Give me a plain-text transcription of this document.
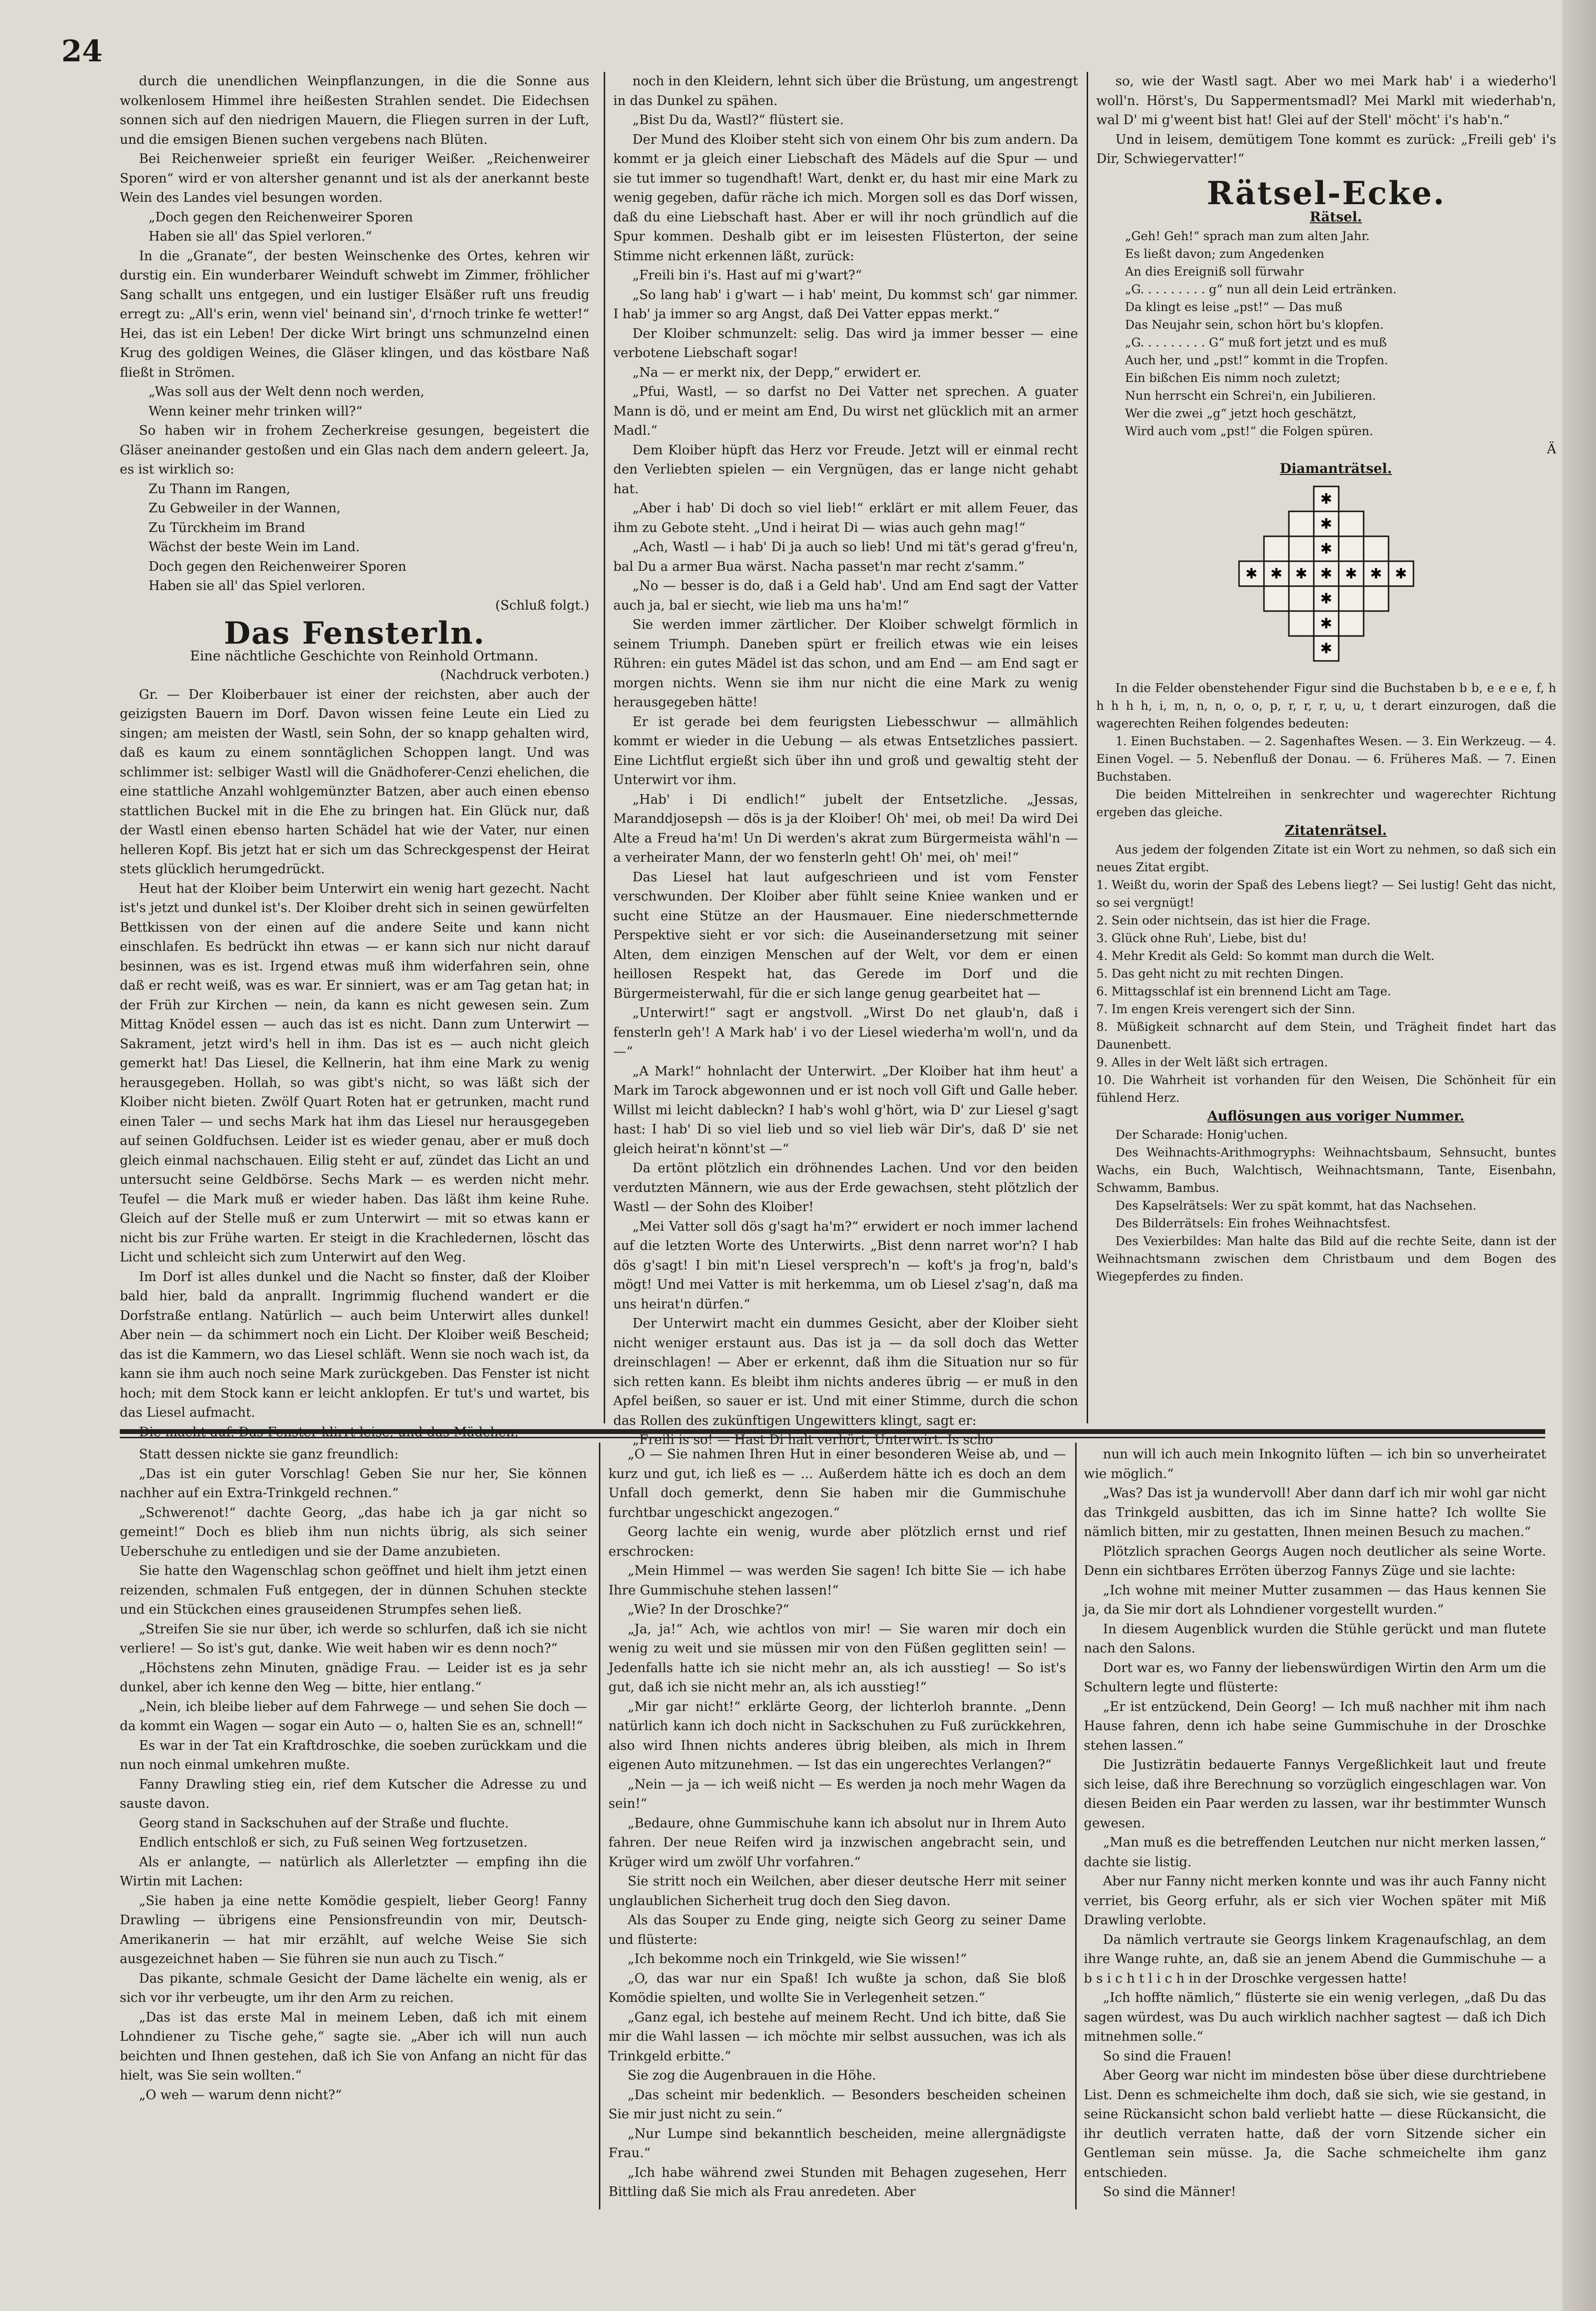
24

durch die unendlichen Weinpflanzungen, in die die Sonne aus wolkenlosem Himmel ihre heißesten Strahlen sendet. Die Eidechsen sonnen sich auf den niedrigen Mauern, die Fliegen surren in der Luft, und die emsigen Bienen suchen vergebens nach Blüten.

Bei Reichenweier sprießt ein feuriger Weißer. „Reichenweirer Sporen“ wird er von altersher genannt und ist als der anerkannt beste Wein des Landes viel besungen worden.

„Doch gegen den Reichenweirer Sporen

Haben sie all' das Spiel verloren.“

In die „Granate“, der besten Weinschenke des Ortes, kehren wir durstig ein. Ein wunderbarer Weinduft schwebt im Zimmer, fröhlicher Sang schallt uns entgegen, und ein lustiger Elsäßer ruft uns freudig erregt zu: „All's erin, wenn viel' beinand sin', d'rnoch trinke fe wetter!“ Hei, das ist ein Leben! Der dicke Wirt bringt uns schmunzelnd einen Krug des goldigen Weines, die Gläser klingen, und das köstbare Naß fließt in Strömen.

„Was soll aus der Welt denn noch werden,

Wenn keiner mehr trinken will?“

So haben wir in frohem Zecherkreise gesungen, begeistert die Gläser aneinander gestoßen und ein Glas nach dem andern geleert. Ja, es ist wirklich so:

Zu Thann im Rangen,

Zu Gebweiler in der Wannen,

Zu Türckheim im Brand

Wächst der beste Wein im Land.

Doch gegen den Reichenweirer Sporen

Haben sie all' das Spiel verloren.

(Schluß folgt.)

Das Fensterln.

Eine nächtliche Geschichte von Reinhold Ortmann.

(Nachdruck verboten.)

Gr. — Der Kloiberbauer ist einer der reichsten, aber auch der geizigsten Bauern im Dorf. Davon wissen feine Leute ein Lied zu singen; am meisten der Wastl, sein Sohn, der so knapp gehalten wird, daß es kaum zu einem sonntäglichen Schoppen langt. Und was schlimmer ist: selbiger Wastl will die Gnädhoferer-Cenzi ehelichen, die eine stattliche Anzahl wohlgemünzter Batzen, aber auch einen ebenso stattlichen Buckel mit in die Ehe zu bringen hat. Ein Glück nur, daß der Wastl einen ebenso harten Schädel hat wie der Vater, nur einen helleren Kopf. Bis jetzt hat er sich um das Schreckgespenst der Heirat stets glücklich herumgedrückt.

Heut hat der Kloiber beim Unterwirt ein wenig hart gezecht. Nacht ist's jetzt und dunkel ist's. Der Kloiber dreht sich in seinen gewürfelten Bettkissen von der einen auf die andere Seite und kann nicht einschlafen. Es bedrückt ihn etwas — er kann sich nur nicht darauf besinnen, was es ist. Irgend etwas muß ihm widerfahren sein, ohne daß er recht weiß, was es war. Er sinniert, was er am Tag getan hat; in der Früh zur Kirchen — nein, da kann es nicht gewesen sein. Zum Mittag Knödel essen — auch das ist es nicht. Dann zum Unterwirt — Sakrament, jetzt wird's hell in ihm. Das ist es — auch nicht gleich gemerkt hat! Das Liesel, die Kellnerin, hat ihm eine Mark zu wenig herausgegeben. Hollah, so was gibt's nicht, so was läßt sich der Kloiber nicht bieten. Zwölf Quart Roten hat er getrunken, macht rund einen Taler — und sechs Mark hat ihm das Liesel nur herausgegeben auf seinen Goldfuchsen. Leider ist es wieder genau, aber er muß doch gleich einmal nachschauen. Eilig steht er auf, zündet das Licht an und untersucht seine Geldbörse. Sechs Mark — es werden nicht mehr. Teufel — die Mark muß er wieder haben. Das läßt ihm keine Ruhe. Gleich auf der Stelle muß er zum Unterwirt — mit so etwas kann er nicht bis zur Frühe warten. Er steigt in die Krachledernen, löscht das Licht und schleicht sich zum Unterwirt auf den Weg.

Im Dorf ist alles dunkel und die Nacht so finster, daß der Kloiber bald hier, bald da anprallt. Ingrimmig fluchend wandert er die Dorfstraße entlang. Natürlich — auch beim Unterwirt alles dunkel! Aber nein — da schimmert noch ein Licht. Der Kloiber weiß Bescheid; das ist die Kammern, wo das Liesel schläft. Wenn sie noch wach ist, da kann sie ihm auch noch seine Mark zurückgeben. Das Fenster ist nicht hoch; mit dem Stock kann er leicht anklopfen. Er tut's und wartet, bis das Liesel aufmacht.

Die macht auf. Das Fenster klirrt leise, und das Mädchen,

noch in den Kleidern, lehnt sich über die Brüstung, um angestrengt in das Dunkel zu spähen.

„Bist Du da, Wastl?“ flüstert sie.

Der Mund des Kloiber steht sich von einem Ohr bis zum andern. Da kommt er ja gleich einer Liebschaft des Mädels auf die Spur — und sie tut immer so tugendhaft! Wart, denkt er, du hast mir eine Mark zu wenig gegeben, dafür räche ich mich. Morgen soll es das Dorf wissen, daß du eine Liebschaft hast. Aber er will ihr noch gründlich auf die Spur kommen. Deshalb gibt er im leisesten Flüsterton, der seine Stimme nicht erkennen läßt, zurück:

„Freili bin i's. Hast auf mi g'wart?“

„So lang hab' i g'wart — i hab' meint, Du kommst sch' gar nimmer. I hab' ja immer so arg Angst, daß Dei Vatter eppas merkt.“

Der Kloiber schmunzelt: selig. Das wird ja immer besser — eine verbotene Liebschaft sogar!

„Na — er merkt nix, der Depp,“ erwidert er.

„Pfui, Wastl, — so darfst no Dei Vatter net sprechen. A guater Mann is dö, und er meint am End, Du wirst net glücklich mit an armer Madl.“

Dem Kloiber hüpft das Herz vor Freude. Jetzt will er einmal recht den Verliebten spielen — ein Vergnügen, das er lange nicht gehabt hat.

„Aber i hab' Di doch so viel lieb!“ erklärt er mit allem Feuer, das ihm zu Gebote steht. „Und i heirat Di — wias auch gehn mag!“

„Ach, Wastl — i hab' Di ja auch so lieb! Und mi tät's gerad g'freu'n, bal Du a armer Bua wärst. Nacha passet'n mar recht z'samm.“

„No — besser is do, daß i a Geld hab'. Und am End sagt der Vatter auch ja, bal er siecht, wie lieb ma uns ha'm!“

Sie werden immer zärtlicher. Der Kloiber schwelgt förmlich in seinem Triumph. Daneben spürt er freilich etwas wie ein leises Rühren: ein gutes Mädel ist das schon, und am End — am End sagt er morgen nichts. Wenn sie ihm nur nicht die eine Mark zu wenig herausgegeben hätte!

Er ist gerade bei dem feurigsten Liebesschwur — allmählich kommt er wieder in die Uebung — als etwas Entsetzliches passiert. Eine Lichtflut ergießt sich über ihn und groß und gewaltig steht der Unterwirt vor ihm.

„Hab' i Di endlich!“ jubelt der Entsetzliche. „Jessas, Maranddjosepsh — dös is ja der Kloiber! Oh' mei, ob mei! Da wird Dei Alte a Freud ha'm! Un Di werden's akrat zum Bürgermeista wähl'n — a verheirater Mann, der wo fensterln geht! Oh' mei, oh' mei!“

Das Liesel hat laut aufgeschrieen und ist vom Fenster verschwunden. Der Kloiber aber fühlt seine Kniee wanken und er sucht eine Stütze an der Hausmauer. Eine niederschmetternde Perspektive sieht er vor sich: die Auseinandersetzung mit seiner Alten, dem einzigen Menschen auf der Welt, vor dem er einen heillosen Respekt hat, das Gerede im Dorf und die Bürgermeisterwahl, für die er sich lange genug gearbeitet hat —

„Unterwirt!“ sagt er angstvoll. „Wirst Do net glaub'n, daß i fensterln geh'! A Mark hab' i vo der Liesel wiederha'm woll'n, und da —“

„A Mark!“ hohnlacht der Unterwirt. „Der Kloiber hat ihm heut' a Mark im Tarock abgewonnen und er ist noch voll Gift und Galle heber. Willst mi leicht dableckn? I hab's wohl g'hört, wia D' zur Liesel g'sagt hast: I hab' Di so viel lieb und so viel lieb wär Dir's, daß D' sie net gleich heirat'n könnt'st —“

Da ertönt plötzlich ein dröhnendes Lachen. Und vor den beiden verdutzten Männern, wie aus der Erde gewachsen, steht plötzlich der Wastl — der Sohn des Kloiber!

„Mei Vatter soll dös g'sagt ha'm?“ erwidert er noch immer lachend auf die letzten Worte des Unterwirts. „Bist denn narret wor'n? I hab dös g'sagt! I bin mit'n Liesel versprech'n — koft's ja frog'n, bald's mögt! Und mei Vatter is mit herkemma, um ob Liesel z'sag'n, daß ma uns heirat'n dürfen.“

Der Unterwirt macht ein dummes Gesicht, aber der Kloiber sieht nicht weniger erstaunt aus. Das ist ja — da soll doch das Wetter dreinschlagen! — Aber er erkennt, daß ihm die Situation nur so für sich retten kann. Es bleibt ihm nichts anderes übrig — er muß in den Apfel beißen, so sauer er ist. Und mit einer Stimme, durch die schon das Rollen des zukünftigen Ungewitters klingt, sagt er:

„Freili is so! — Hast Di halt verhört, Unterwirt. Is scho

so, wie der Wastl sagt. Aber wo mei Mark hab' i a wiederho'l woll'n. Hörst's, Du Sappermentsmadl? Mei Markl mit wiederhab'n, wal D' mi g'weent bist hat! Glei auf der Stell' möcht' i's hab'n.“

Und in leisem, demütigem Tone kommt es zurück: „Freili geb' i's Dir, Schwiegervatter!“

Rätsel-Ecke.

Rätsel.

„Geh! Geh!“ sprach man zum alten Jahr.

Es ließt davon; zum Angedenken

An dies Ereigniß soll fürwahr

„G. . . . . . . . . g“ nun all dein Leid ertränken.

Da klingt es leise „pst!“ — Das muß

Das Neujahr sein, schon hört bu's klopfen.

„G. . . . . . . . . G“ muß fort jetzt und es muß

Auch her, und „pst!“ kommt in die Tropfen.

Ein bißchen Eis nimm noch zuletzt;

Nun herrscht ein Schrei'n, ein Jubilieren.

Wer die zwei „g“ jetzt hoch geschätzt,

Wird auch vom „pst!“ die Folgen spüren.

Ä

Diamanträtsel.

✱
✱
✱
✱ ✱ ✱ ✱ ✱ ✱ ✱
✱
✱
✱

In die Felder obenstehender Figur sind die Buchstaben b b, e e e e, f, h h h h h, i, m, n, n, o, o, p, r, r, r, u, u, t derart einzurogen, daß die wagerechten Reihen folgendes bedeuten:

1. Einen Buchstaben. — 2. Sagenhaftes Wesen. — 3. Ein Werkzeug. — 4. Einen Vogel. — 5. Nebenfluß der Donau. — 6. Früheres Maß. — 7. Einen Buchstaben.

Die beiden Mittelreihen in senkrechter und wagerechter Richtung ergeben das gleiche.

Zitatenrätsel.

Aus jedem der folgenden Zitate ist ein Wort zu nehmen, so daß sich ein neues Zitat ergibt.

1. Weißt du, worin der Spaß des Lebens liegt? — Sei lustig! Geht das nicht, so sei vergnügt!

2. Sein oder nichtsein, das ist hier die Frage.

3. Glück ohne Ruh', Liebe, bist du!

4. Mehr Kredit als Geld: So kommt man durch die Welt.

5. Das geht nicht zu mit rechten Dingen.

6. Mittagsschlaf ist ein brennend Licht am Tage.

7. Im engen Kreis verengert sich der Sinn.

8. Müßigkeit schnarcht auf dem Stein, und Trägheit findet hart das Daunenbett.

9. Alles in der Welt läßt sich ertragen.

10. Die Wahrheit ist vorhanden für den Weisen, Die Schönheit für ein fühlend Herz.

Auflösungen aus voriger Nummer.

Der Scharade: Honig'uchen.

Des Weihnachts-Arithmogryphs: Weihnachtsbaum, Sehnsucht, buntes Wachs, ein Buch, Walchtisch, Weihnachtsmann, Tante, Eisenbahn, Schwamm, Bambus.

Des Kapselrätsels: Wer zu spät kommt, hat das Nachsehen.

Des Bilderrätsels: Ein frohes Weihnachtsfest.

Des Vexierbildes: Man halte das Bild auf die rechte Seite, dann ist der Weihnachtsmann zwischen dem Christbaum und dem Bogen des Wiegepferdes zu finden.

Statt dessen nickte sie ganz freundlich:

„Das ist ein guter Vorschlag! Geben Sie nur her, Sie können nachher auf ein Extra-Trinkgeld rechnen.“

„Schwerenot!“ dachte Georg, „das habe ich ja gar nicht so gemeint!“ Doch es blieb ihm nun nichts übrig, als sich seiner Ueberschuhe zu entledigen und sie der Dame anzubieten.

Sie hatte den Wagenschlag schon geöffnet und hielt ihm jetzt einen reizenden, schmalen Fuß entgegen, der in dünnen Schuhen steckte und ein Stückchen eines grauseidenen Strumpfes sehen ließ.

„Streifen Sie sie nur über, ich werde so schlurfen, daß ich sie nicht verliere! — So ist's gut, danke. Wie weit haben wir es denn noch?“

„Höchstens zehn Minuten, gnädige Frau. — Leider ist es ja sehr dunkel, aber ich kenne den Weg — bitte, hier entlang.“

„Nein, ich bleibe lieber auf dem Fahrwege — und sehen Sie doch — da kommt ein Wagen — sogar ein Auto — o, halten Sie es an, schnell!“

Es war in der Tat ein Kraftdroschke, die soeben zurückkam und die nun noch einmal umkehren mußte.

Fanny Drawling stieg ein, rief dem Kutscher die Adresse zu und sauste davon.

Georg stand in Sackschuhen auf der Straße und fluchte.

Endlich entschloß er sich, zu Fuß seinen Weg fortzusetzen.

Als er anlangte, — natürlich als Allerletzter — empfing ihn die Wirtin mit Lachen:

„Sie haben ja eine nette Komödie gespielt, lieber Georg! Fanny Drawling — übrigens eine Pensionsfreundin von mir, Deutsch-Amerikanerin — hat mir erzählt, auf welche Weise Sie sich ausgezeichnet haben — Sie führen sie nun auch zu Tisch.“

Das pikante, schmale Gesicht der Dame lächelte ein wenig, als er sich vor ihr verbeugte, um ihr den Arm zu reichen.

„Das ist das erste Mal in meinem Leben, daß ich mit einem Lohndiener zu Tische gehe,“ sagte sie. „Aber ich will nun auch beichten und Ihnen gestehen, daß ich Sie von Anfang an nicht für das hielt, was Sie sein wollten.“

„O weh — warum denn nicht?“

„O — Sie nahmen Ihren Hut in einer besonderen Weise ab, und — kurz und gut, ich ließ es — ... Außerdem hätte ich es doch an dem Unfall doch gemerkt, denn Sie haben mir die Gummischuhe furchtbar ungeschickt angezogen.“

Georg lachte ein wenig, wurde aber plötzlich ernst und rief erschrocken:

„Mein Himmel — was werden Sie sagen! Ich bitte Sie — ich habe Ihre Gummischuhe stehen lassen!“

„Wie? In der Droschke?“

„Ja, ja!“ Ach, wie achtlos von mir! — Sie waren mir doch ein wenig zu weit und sie müssen mir von den Füßen geglitten sein! — Jedenfalls hatte ich sie nicht mehr an, als ich ausstieg! — So ist's gut, daß ich sie nicht mehr an, als ich ausstieg!“

„Mir gar nicht!“ erklärte Georg, der lichterloh brannte. „Denn natürlich kann ich doch nicht in Sackschuhen zu Fuß zurückkehren, also wird Ihnen nichts anderes übrig bleiben, als mich in Ihrem eigenen Auto mitzunehmen. — Ist das ein ungerechtes Verlangen?“

„Nein — ja — ich weiß nicht — Es werden ja noch mehr Wagen da sein!“

„Bedaure, ohne Gummischuhe kann ich absolut nur in Ihrem Auto fahren. Der neue Reifen wird ja inzwischen angebracht sein, und Krüger wird um zwölf Uhr vorfahren.“

Sie stritt noch ein Weilchen, aber dieser deutsche Herr mit seiner unglaublichen Sicherheit trug doch den Sieg davon.

Als das Souper zu Ende ging, neigte sich Georg zu seiner Dame und flüsterte:

„Ich bekomme noch ein Trinkgeld, wie Sie wissen!“

„O, das war nur ein Spaß! Ich wußte ja schon, daß Sie bloß Komödie spielten, und wollte Sie in Verlegenheit setzen.“

„Ganz egal, ich bestehe auf meinem Recht. Und ich bitte, daß Sie mir die Wahl lassen — ich möchte mir selbst aussuchen, was ich als Trinkgeld erbitte.“

Sie zog die Augenbrauen in die Höhe.

„Das scheint mir bedenklich. — Besonders bescheiden scheinen Sie mir just nicht zu sein.“

„Nur Lumpe sind bekanntlich bescheiden, meine allergnädigste Frau.“

„Ich habe während zwei Stunden mit Behagen zugesehen, Herr Bittling daß Sie mich als Frau anredeten. Aber

nun will ich auch mein Inkognito lüften — ich bin so unverheiratet wie möglich.“

„Was? Das ist ja wundervoll! Aber dann darf ich mir wohl gar nicht das Trinkgeld ausbitten, das ich im Sinne hatte? Ich wollte Sie nämlich bitten, mir zu gestatten, Ihnen meinen Besuch zu machen.“

Plötzlich sprachen Georgs Augen noch deutlicher als seine Worte. Denn ein sichtbares Erröten überzog Fannys Züge und sie lachte:

„Ich wohne mit meiner Mutter zusammen — das Haus kennen Sie ja, da Sie mir dort als Lohndiener vorgestellt wurden.“

In diesem Augenblick wurden die Stühle gerückt und man flutete nach den Salons.

Dort war es, wo Fanny der liebenswürdigen Wirtin den Arm um die Schultern legte und flüsterte:

„Er ist entzückend, Dein Georg! — Ich muß nachher mit ihm nach Hause fahren, denn ich habe seine Gummischuhe in der Droschke stehen lassen.“

Die Justizrätin bedauerte Fannys Vergeßlichkeit laut und freute sich leise, daß ihre Berechnung so vorzüglich eingeschlagen war. Von diesen Beiden ein Paar werden zu lassen, war ihr bestimmter Wunsch gewesen.

„Man muß es die betreffenden Leutchen nur nicht merken lassen,“ dachte sie listig.

Aber nur Fanny nicht merken konnte und was ihr auch Fanny nicht verriet, bis Georg erfuhr, als er sich vier Wochen später mit Miß Drawling verlobte.

Da nämlich vertraute sie Georgs linkem Kragenaufschlag, an dem ihre Wange ruhte, an, daß sie an jenem Abend die Gummischuhe — a b s i c h t l i c h in der Droschke vergessen hatte!

„Ich hoffte nämlich,“ flüsterte sie ein wenig verlegen, „daß Du das sagen würdest, was Du auch wirklich nachher sagtest — daß ich Dich mitnehmen solle.“

So sind die Frauen!

Aber Georg war nicht im mindesten böse über diese durchtriebene List. Denn es schmeichelte ihm doch, daß sie sich, wie sie gestand, in seine Rückansicht schon bald verliebt hatte — diese Rückansicht, die ihr deutlich verraten hatte, daß der vorn Sitzende sicher ein Gentleman sein müsse. Ja, die Sache schmeichelte ihm ganz entschieden.

So sind die Männer!
